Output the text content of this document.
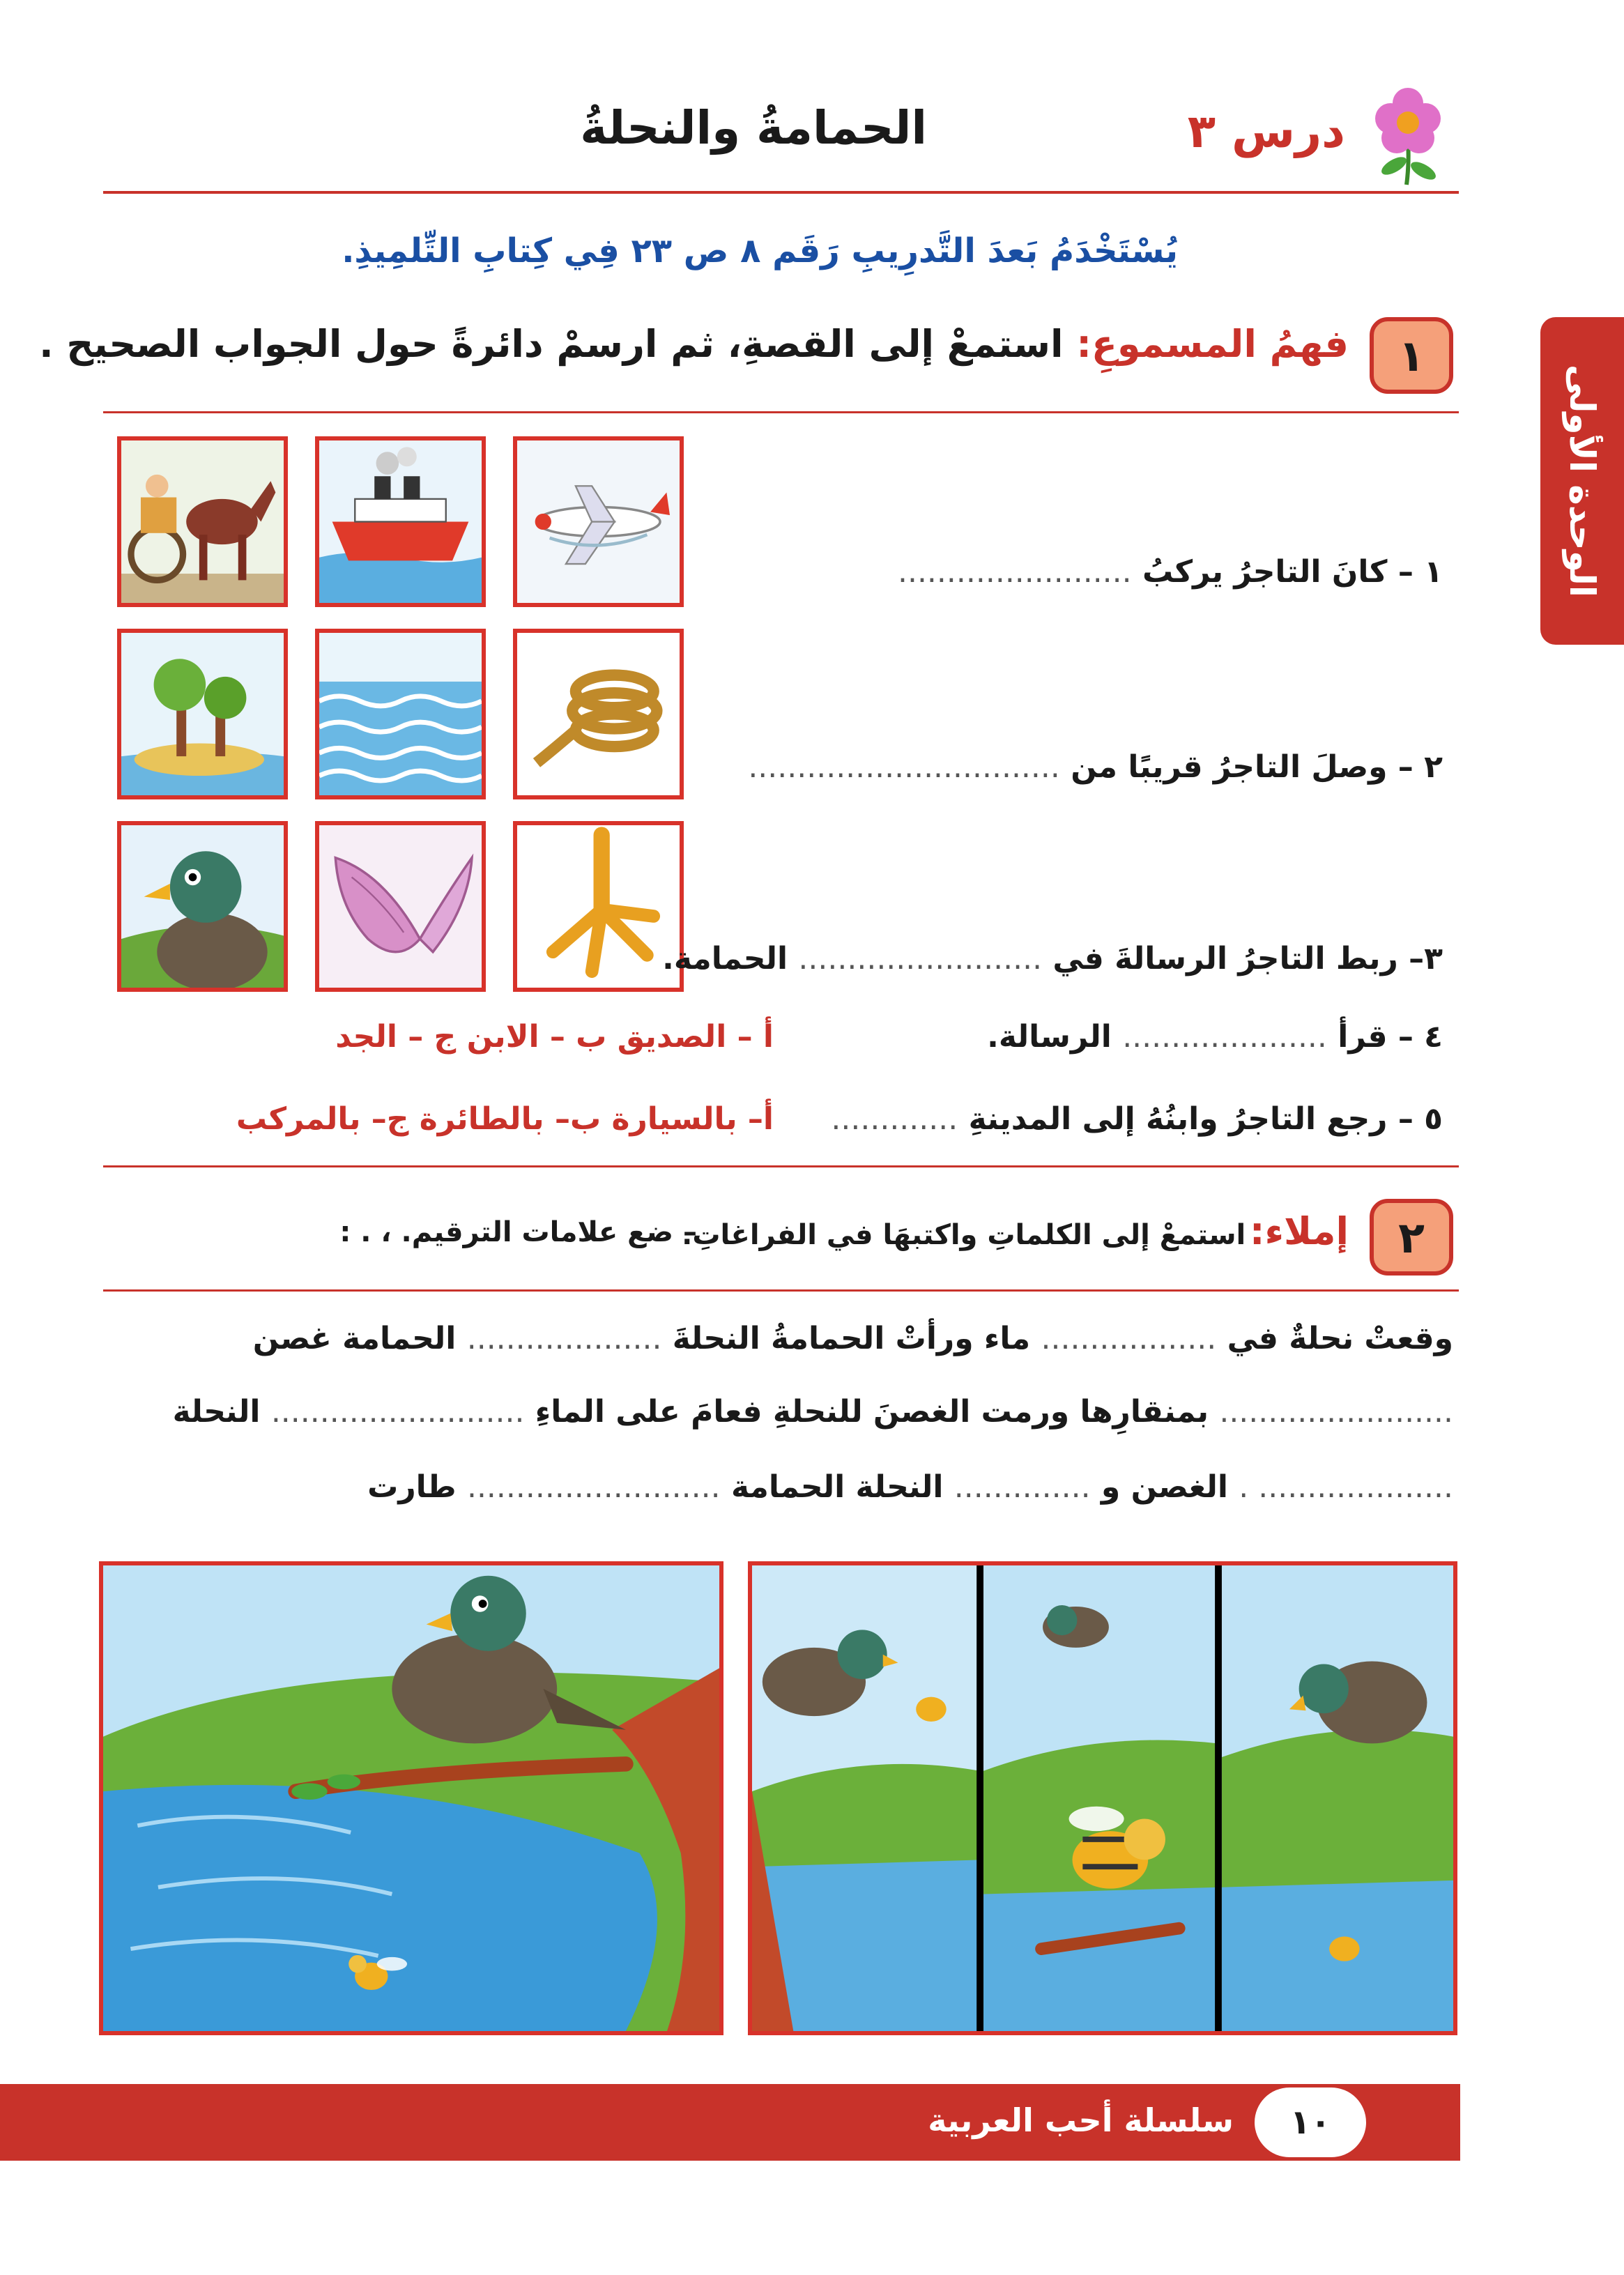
درس ٣
الحمامةُ والنحلةُ
الوحدة الأولى
يُسْتَخْدَمُ بَعدَ التَّدرِيبِ رَقَم ٨ ص ٢٣ فِي كِتابِ التِّلمِيذِ.
١
فهمُ المسموعِ: استمعْ إلى القصةِ، ثم ارسمْ دائرةً حول الجواب الصحيح .
١ – كانَ التاجرُ يركبُ ........................
٢ – وصلَ التاجرُ قريبًا من ................................
٣– ربط التاجرُ الرسالةَ في ......................... الحمامة.
٤ – قرأ ..................... الرسالة.
أ – الصديق ب – الابن ج – الجد
٥ – رجع التاجرُ وابنُهُ إلى المدينةِ .............
أ– بالسيارة ب– بالطائرة ج– بالمركب
٢
إملاء: استمعْ إلى الكلماتِ واكتبهَا في الفراغاتِ.
– ضع علامات الترقيم. ، . :
وقعتْ نحلةٌ في .................. ماء ورأتْ الحمامةُ النحلةَ .................... الحمامة غصن
........................ بمنقارِها ورمت الغصنَ للنحلةِ فعامَ على الماءِ .......................... النحلة
.................... . الغصن و .............. النحلة الحمامة .......................... طارت
١٠
سلسلة أحب العربية
